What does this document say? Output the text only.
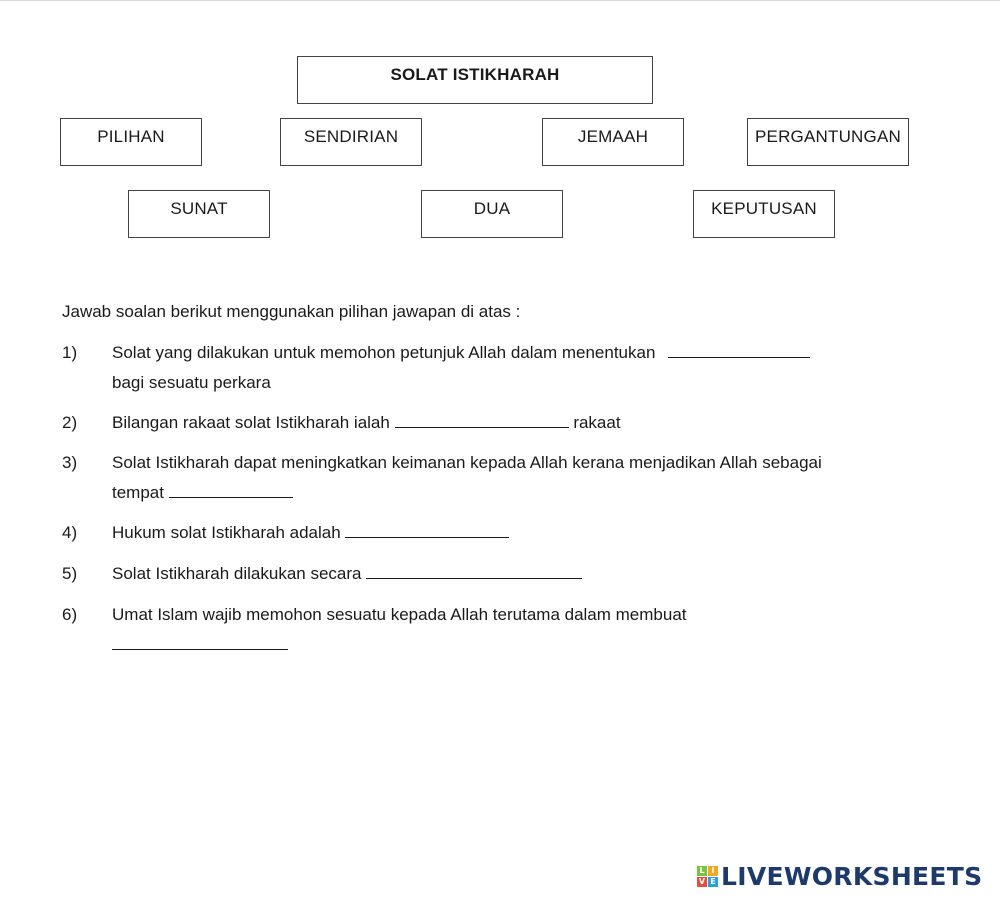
SOLAT ISTIKHARAH
PILIHAN	SENDIRIAN	JEMAAH	PERGANTUNGAN
SUNAT	DUA	KEPUTUSAN
Jawab soalan berikut menggunakan pilihan jawapan di atas :
1) Solat yang dilakukan untuk memohon petunjuk Allah dalam menentukan
bagi sesuatu perkara
2) Bilangan rakaat solat Istikharah ialah	rakaat
3) Solat Istikharah dapat meningkatkan keimanan kepada Allah kerana menjadikan Allah sebagai
tempat
4) Hukum solat Istikharah adalah
5) Solat Istikharah dilakukan secara
6) Umat Islam wajib memohon sesuatu kepada Allah terutama dalam membuat

L I
V E LIVEWORKSHEETS
